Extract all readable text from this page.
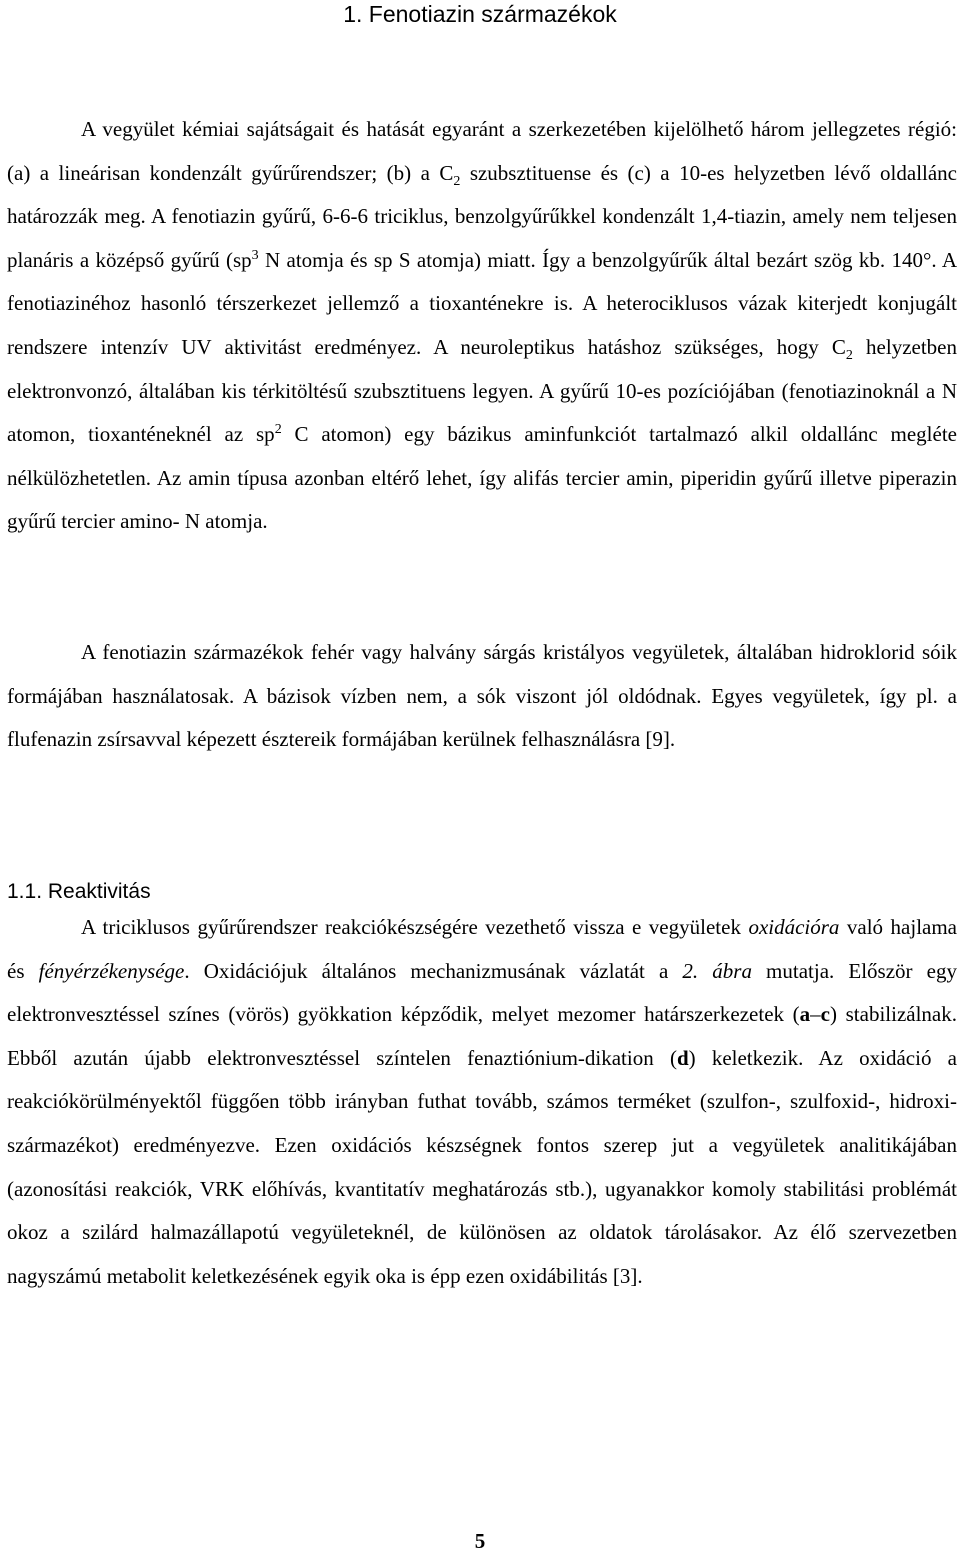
1. Fenotiazin származékok

A vegyület kémiai sajátságait és hatását egyaránt a szerkezetében kijelölhető három jellegzetes régió: (a) a lineárisan kondenzált gyűrűrendszer; (b) a $C_2$ szubsztituense és (c) a 10-es helyzetben lévő oldallánc határozzák meg. A fenotiazin gyűrű, 6-6-6 triciklus, benzolgyűrűkkel kondenzált 1,4-tiazin, amely nem teljesen planáris a középső gyűrű ($sp^3$ N atomja és sp S atomja) miatt. Így a benzolgyűrűk által bezárt szög kb. 140°. A fenotiazinéhoz hasonló térszerkezet jellemző a tioxanténekre is. A heterociklusos vázak kiterjedt konjugált rendszere intenzív UV aktivitást eredményez. A neuroleptikus hatáshoz szükséges, hogy $C_2$ helyzetben elektronvonzó, általában kis térkitöltésű szubsztituens legyen. A gyűrű 10-es pozíciójában (fenotiazinoknál a N atomon, tioxanténeknél az $sp^2$ C atomon) egy bázikus aminfunkciót tartalmazó alkil oldallánc megléte nélkülözhetetlen. Az amin típusa azonban eltérő lehet, így alifás tercier amin, piperidin gyűrű illetve piperazin gyűrű tercier amino- N atomja.

A fenotiazin származékok fehér vagy halvány sárgás kristályos vegyületek, általában hidroklorid sóik formájában használatosak. A bázisok vízben nem, a sók viszont jól oldódnak. Egyes vegyületek, így pl. a flufenazin zsírsavval képezett észtereik formájában kerülnek felhasználásra [9].

1.1. Reaktivitás

A triciklusos gyűrűrendszer reakciókészségére vezethető vissza e vegyületek oxidációra való hajlama és fényérzékenysége. Oxidációjuk általános mechanizmusának vázlatát a 2. ábra mutatja. Először egy elektronvesztéssel színes (vörös) gyökkation képződik, melyet mezomer határszerkezetek (a–c) stabilizálnak. Ebből azután újabb elektronvesztéssel színtelen fenaztiónium-dikation (d) keletkezik. Az oxidáció a reakciókörülményektől függően több irányban futhat tovább, számos terméket (szulfon-, szulfoxid-, hidroxi-származékot) eredményezve. Ezen oxidációs készségnek fontos szerep jut a vegyületek analitikájában (azonosítási reakciók, VRK előhívás, kvantitatív meghatározás stb.), ugyanakkor komoly stabilitási problémát okoz a szilárd halmazállapotú vegyületeknél, de különösen az oldatok tárolásakor. Az élő szervezetben nagyszámú metabolit keletkezésének egyik oka is épp ezen oxidábilitás [3].

5
